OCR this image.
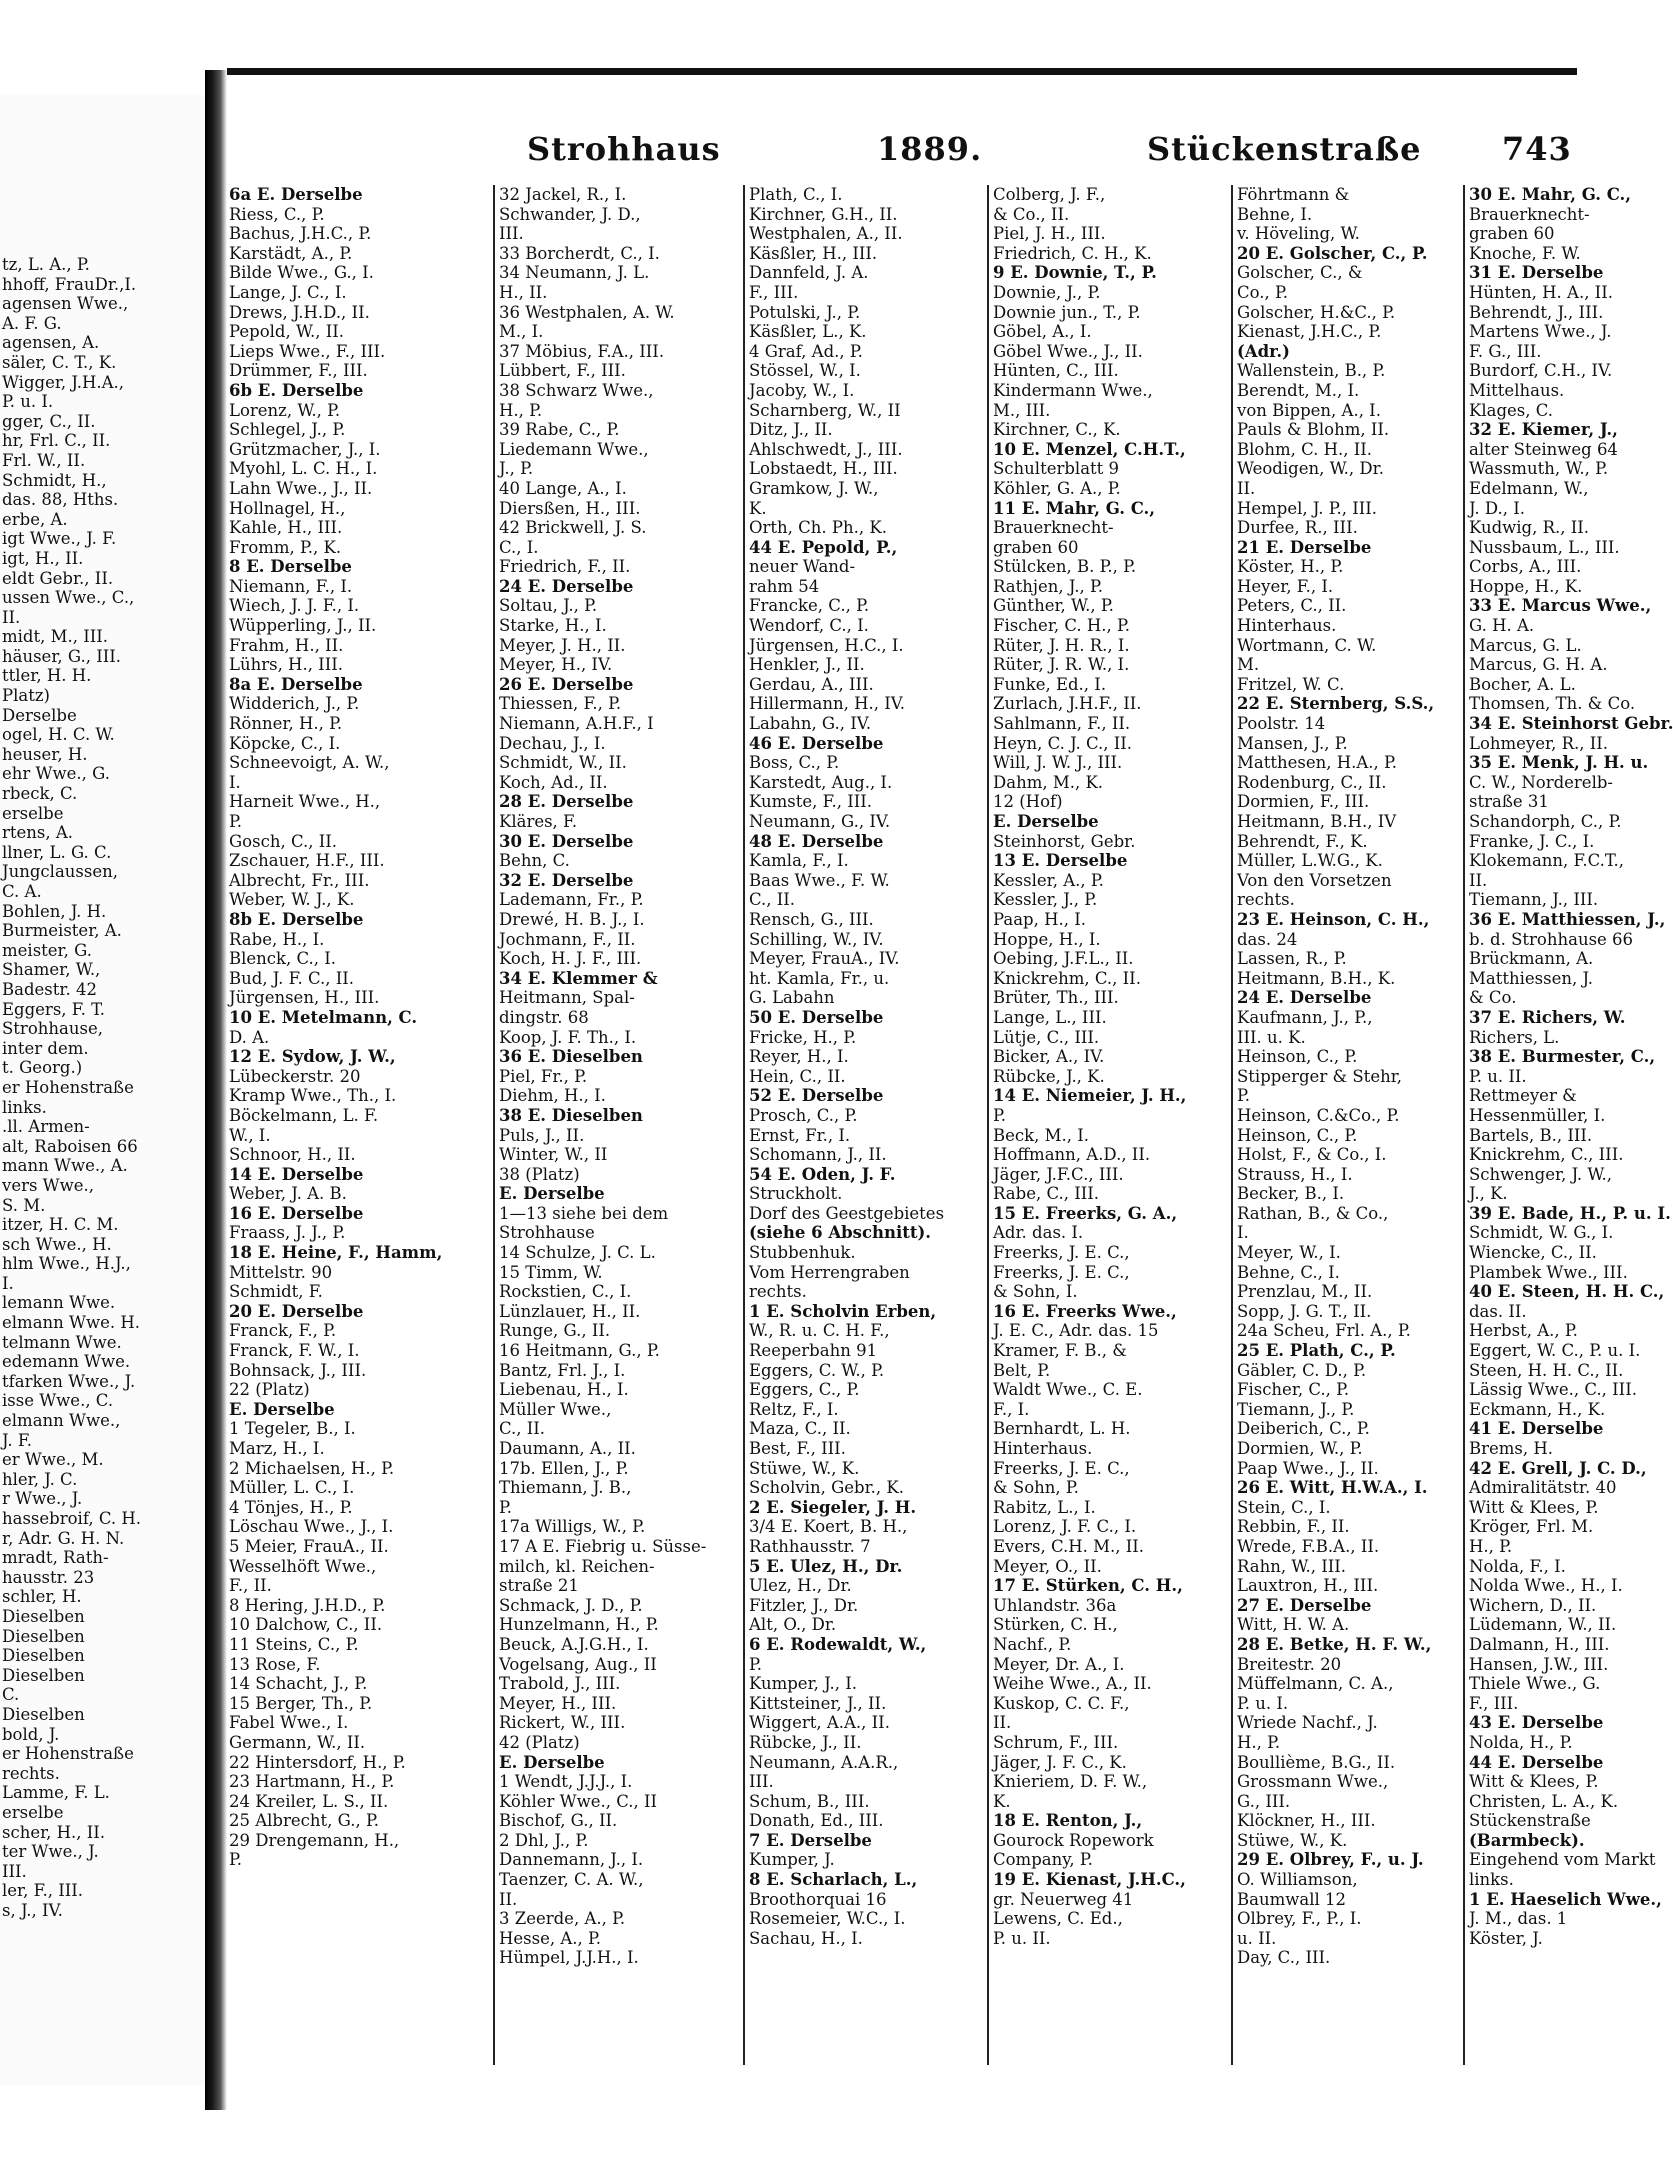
tz, L. A., P.
hhoff, FrauDr.,I.
agensen Wwe.,
A. F. G.
agensen, A.
säler, C. T., K.
Wigger, J.H.A.,
P. u. I.
gger, C., II.
hr, Frl. C., II.
Frl. W., II.
Schmidt, H.,
das. 88, Hths.
erbe, A.
igt Wwe., J. F.
igt, H., II.
eldt Gebr., II.
ussen Wwe., C.,
II.
midt, M., III.
häuser, G., III.
ttler, H. H.
Platz)
Derselbe
ogel, H. C. W.
heuser, H.
ehr Wwe., G.
rbeck, C.
erselbe
rtens, A.
llner, L. G. C.
Jungclaussen,
C. A.
Bohlen, J. H.
Burmeister, A.
meister, G.
Shamer, W.,
Badestr. 42
Eggers, F. T.
Strohhause,
inter dem.
t. Georg.)
er Hohenstraße
links.
.ll. Armen-
alt, Raboisen 66
mann Wwe., A.
vers Wwe.,
S. M.
itzer, H. C. M.
sch Wwe., H.
hlm Wwe., H.J.,
I.
lemann Wwe.
elmann Wwe. H.
telmann Wwe.
edemann Wwe.
tfarken Wwe., J.
isse Wwe., C.
elmann Wwe.,
J. F.
er Wwe., M.
hler, J. C.
r Wwe., J.
hassebroif, C. H.
r, Adr. G. H. N.
mradt, Rath-
hausstr. 23
schler, H.
Dieselben
Dieselben
Dieselben
Dieselben
C.
Dieselben
bold, J.
er Hohenstraße
rechts.
Lamme, F. L.
erselbe
scher, H., II.
ter Wwe., J.
III.
ler, F., III.
s, J., IV.
Strohhaus	1889.	Stückenstraße	743
6a E. Derselbe
Riess, C., P.
Bachus, J.H.C., P.
Karstädt, A., P.
Bilde Wwe., G., I.
Lange, J. C., I.
Drews, J.H.D., II.
Pepold, W., II.
Lieps Wwe., F., III.
Drümmer, F., III.
6b E. Derselbe
Lorenz, W., P.
Schlegel, J., P.
Grützmacher, J., I.
Myohl, L. C. H., I.
Lahn Wwe., J., II.
Hollnagel, H.,
Kahle, H., III.
Fromm, P., K.
8 E. Derselbe
Niemann, F., I.
Wiech, J. J. F., I.
Wüpperling, J., II.
Frahm, H., II.
Lührs, H., III.
8a E. Derselbe
Widderich, J., P.
Rönner, H., P.
Köpcke, C., I.
Schneevoigt, A. W.,
I.
Harneit Wwe., H.,
P.
Gosch, C., II.
Zschauer, H.F., III.
Albrecht, Fr., III.
Weber, W. J., K.
8b E. Derselbe
Rabe, H., I.
Blenck, C., I.
Bud, J. F. C., II.
Jürgensen, H., III.
10 E. Metelmann, C.
D. A.
12 E. Sydow, J. W.,
Lübeckerstr. 20
Kramp Wwe., Th., I.
Böckelmann, L. F.
W., I.
Schnoor, H., II.
14 E. Derselbe
Weber, J. A. B.
16 E. Derselbe
Fraass, J. J., P.
18 E. Heine, F., Hamm,
Mittelstr. 90
Schmidt, F.
20 E. Derselbe
Franck, F., P.
Franck, F. W., I.
Bohnsack, J., III.
22 (Platz)
E. Derselbe
1 Tegeler, B., I.
Marz, H., I.
2 Michaelsen, H., P.
Müller, L. C., I.
4 Tönjes, H., P.
Löschau Wwe., J., I.
5 Meier, FrauA., II.
Wesselhöft Wwe.,
F., II.
8 Hering, J.H.D., P.
10 Dalchow, C., II.
11 Steins, C., P.
13 Rose, F.
14 Schacht, J., P.
15 Berger, Th., P.
Fabel Wwe., I.
Germann, W., II.
22 Hintersdorf, H., P.
23 Hartmann, H., P.
24 Kreiler, L. S., II.
25 Albrecht, G., P.
29 Drengemann, H.,
P.
32 Jackel, R., I.
Schwander, J. D.,
III.
33 Borcherdt, C., I.
34 Neumann, J. L.
H., II.
36 Westphalen, A. W.
M., I.
37 Möbius, F.A., III.
Lübbert, F., III.
38 Schwarz Wwe.,
H., P.
39 Rabe, C., P.
Liedemann Wwe.,
J., P.
40 Lange, A., I.
Diersßen, H., III.
42 Brickwell, J. S.
C., I.
Friedrich, F., II.
24 E. Derselbe
Soltau, J., P.
Starke, H., I.
Meyer, J. H., II.
Meyer, H., IV.
26 E. Derselbe
Thiessen, F., P.
Niemann, A.H.F., I
Dechau, J., I.
Schmidt, W., II.
Koch, Ad., II.
28 E. Derselbe
Kläres, F.
30 E. Derselbe
Behn, C.
32 E. Derselbe
Lademann, Fr., P.
Drewé, H. B. J., I.
Jochmann, F., II.
Koch, H. J. F., III.
34 E. Klemmer &
Heitmann, Spal-
dingstr. 68
Koop, J. F. Th., I.
36 E. Dieselben
Piel, Fr., P.
Diehm, H., I.
38 E. Dieselben
Puls, J., II.
Winter, W., II
38 (Platz)
E. Derselbe
1—13 siehe bei dem
Strohhause
14 Schulze, J. C. L.
15 Timm, W.
Rockstien, C., I.
Lünzlauer, H., II.
Runge, G., II.
16 Heitmann, G., P.
Bantz, Frl. J., I.
Liebenau, H., I.
Müller Wwe.,
C., II.
Daumann, A., II.
17b. Ellen, J., P.
Thiemann, J. B.,
P.
17a Willigs, W., P.
17 A E. Fiebrig u. Süsse-
milch, kl. Reichen-
straße 21
Schmack, J. D., P.
Hunzelmann, H., P.
Beuck, A.J.G.H., I.
Vogelsang, Aug., II
Trabold, J., III.
Meyer, H., III.
Rickert, W., III.
42 (Platz)
E. Derselbe
1 Wendt, J.J.J., I.
Köhler Wwe., C., II
Bischof, G., II.
2 Dhl, J., P.
Dannemann, J., I.
Taenzer, C. A. W.,
II.
3 Zeerde, A., P.
Hesse, A., P.
Hümpel, J.J.H., I.
Plath, C., I.
Kirchner, G.H., II.
Westphalen, A., II.
Käsßler, H., III.
Dannfeld, J. A.
F., III.
Potulski, J., P.
Käsßler, L., K.
4 Graf, Ad., P.
Stössel, W., I.
Jacoby, W., I.
Scharnberg, W., II
Ditz, J., II.
Ahlschwedt, J., III.
Lobstaedt, H., III.
Gramkow, J. W.,
K.
Orth, Ch. Ph., K.
44 E. Pepold, P.,
neuer Wand-
rahm 54
Francke, C., P.
Wendorf, C., I.
Jürgensen, H.C., I.
Henkler, J., II.
Gerdau, A., III.
Hillermann, H., IV.
Labahn, G., IV.
46 E. Derselbe
Boss, C., P.
Karstedt, Aug., I.
Kumste, F., III.
Neumann, G., IV.
48 E. Derselbe
Kamla, F., I.
Baas Wwe., F. W.
C., II.
Rensch, G., III.
Schilling, W., IV.
Meyer, FrauA., IV.
ht. Kamla, Fr., u.
G. Labahn
50 E. Derselbe
Fricke, H., P.
Reyer, H., I.
Hein, C., II.
52 E. Derselbe
Prosch, C., P.
Ernst, Fr., I.
Schomann, J., II.
54 E. Oden, J. F.
Struckholt.
Dorf des Geestgebietes
(siehe 6 Abschnitt).
Stubbenhuk.
Vom Herrengraben
rechts.
1 E. Scholvin Erben,
W., R. u. C. H. F.,
Reeperbahn 91
Eggers, C. W., P.
Eggers, C., P.
Reltz, F., I.
Maza, C., II.
Best, F., III.
Stüwe, W., K.
Scholvin, Gebr., K.
2 E. Siegeler, J. H.
3/4 E. Koert, B. H.,
Rathhausstr. 7
5 E. Ulez, H., Dr.
Ulez, H., Dr.
Fitzler, J., Dr.
Alt, O., Dr.
6 E. Rodewaldt, W.,
P.
Kumper, J., I.
Kittsteiner, J., II.
Wiggert, A.A., II.
Rübcke, J., II.
Neumann, A.A.R.,
III.
Schum, B., III.
Donath, Ed., III.
7 E. Derselbe
Kumper, J.
8 E. Scharlach, L.,
Broothorquai 16
Rosemeier, W.C., I.
Sachau, H., I.
Colberg, J. F.,
& Co., II.
Piel, J. H., III.
Friedrich, C. H., K.
9 E. Downie, T., P.
Downie, J., P.
Downie jun., T., P.
Göbel, A., I.
Göbel Wwe., J., II.
Hünten, C., III.
Kindermann Wwe.,
M., III.
Kirchner, C., K.
10 E. Menzel, C.H.T.,
Schulterblatt 9
Köhler, G. A., P.
11 E. Mahr, G. C.,
Brauerknecht-
graben 60
Stülcken, B. P., P.
Rathjen, J., P.
Günther, W., P.
Fischer, C. H., P.
Rüter, J. H. R., I.
Rüter, J. R. W., I.
Funke, Ed., I.
Zurlach, J.H.F., II.
Sahlmann, F., II.
Heyn, C. J. C., II.
Will, J. W. J., III.
Dahm, M., K.
12 (Hof)
E. Derselbe
Steinhorst, Gebr.
13 E. Derselbe
Kessler, A., P.
Kessler, J., P.
Paap, H., I.
Hoppe, H., I.
Oebing, J.F.L., II.
Knickrehm, C., II.
Brüter, Th., III.
Lange, L., III.
Lütje, C., III.
Bicker, A., IV.
Rübcke, J., K.
14 E. Niemeier, J. H.,
P.
Beck, M., I.
Hoffmann, A.D., II.
Jäger, J.F.C., III.
Rabe, C., III.
15 E. Freerks, G. A.,
Adr. das. I.
Freerks, J. E. C.,
Freerks, J. E. C.,
& Sohn, I.
16 E. Freerks Wwe.,
J. E. C., Adr. das. 15
Kramer, F. B., &
Belt, P.
Waldt Wwe., C. E.
F., I.
Bernhardt, L. H.
Hinterhaus.
Freerks, J. E. C.,
& Sohn, P.
Rabitz, L., I.
Lorenz, J. F. C., I.
Evers, C.H. M., II.
Meyer, O., II.
17 E. Stürken, C. H.,
Uhlandstr. 36a
Stürken, C. H.,
Nachf., P.
Meyer, Dr. A., I.
Weihe Wwe., A., II.
Kuskop, C. C. F.,
II.
Schrum, F., III.
Jäger, J. F. C., K.
Knieriem, D. F. W.,
K.
18 E. Renton, J.,
Gourock Ropework
Company, P.
19 E. Kienast, J.H.C.,
gr. Neuerweg 41
Lewens, C. Ed.,
P. u. II.
Föhrtmann &
Behne, I.
v. Höveling, W.
20 E. Golscher, C., P.
Golscher, C., &
Co., P.
Golscher, H.&C., P.
Kienast, J.H.C., P.
(Adr.)
Wallenstein, B., P.
Berendt, M., I.
von Bippen, A., I.
Pauls & Blohm, II.
Blohm, C. H., II.
Weodigen, W., Dr.
II.
Hempel, J. P., III.
Durfee, R., III.
21 E. Derselbe
Köster, H., P.
Heyer, F., I.
Peters, C., II.
Hinterhaus.
Wortmann, C. W.
M.
Fritzel, W. C.
22 E. Sternberg, S.S.,
Poolstr. 14
Mansen, J., P.
Matthesen, H.A., P.
Rodenburg, C., II.
Dormien, F., III.
Heitmann, B.H., IV
Behrendt, F., K.
Müller, L.W.G., K.
Von den Vorsetzen
rechts.
23 E. Heinson, C. H.,
das. 24
Lassen, R., P.
Heitmann, B.H., K.
24 E. Derselbe
Kaufmann, J., P.,
III. u. K.
Heinson, C., P.
Stipperger & Stehr,
P.
Heinson, C.&Co., P.
Heinson, C., P.
Holst, F., & Co., I.
Strauss, H., I.
Becker, B., I.
Rathan, B., & Co.,
I.
Meyer, W., I.
Behne, C., I.
Prenzlau, M., II.
Sopp, J. G. T., II.
24a Scheu, Frl. A., P.
25 E. Plath, C., P.
Gäbler, C. D., P.
Fischer, C., P.
Tiemann, J., P.
Deiberich, C., P.
Dormien, W., P.
Paap Wwe., J., II.
26 E. Witt, H.W.A., I.
Stein, C., I.
Rebbin, F., II.
Wrede, F.B.A., II.
Rahn, W., III.
Lauxtron, H., III.
27 E. Derselbe
Witt, H. W. A.
28 E. Betke, H. F. W.,
Breitestr. 20
Müffelmann, C. A.,
P. u. I.
Wriede Nachf., J.
H., P.
Boullième, B.G., II.
Grossmann Wwe.,
G., III.
Klöckner, H., III.
Stüwe, W., K.
29 E. Olbrey, F., u. J.
O. Williamson,
Baumwall 12
Olbrey, F., P., I.
u. II.
Day, C., III.
30 E. Mahr, G. C.,
Brauerknecht-
graben 60
Knoche, F. W.
31 E. Derselbe
Hünten, H. A., II.
Behrendt, J., III.
Martens Wwe., J.
F. G., III.
Burdorf, C.H., IV.
Mittelhaus.
Klages, C.
32 E. Kiemer, J.,
alter Steinweg 64
Wassmuth, W., P.
Edelmann, W.,
J. D., I.
Kudwig, R., II.
Nussbaum, L., III.
Corbs, A., III.
Hoppe, H., K.
33 E. Marcus Wwe.,
G. H. A.
Marcus, G. L.
Marcus, G. H. A.
Bocher, A. L.
Thomsen, Th. & Co.
34 E. Steinhorst Gebr.
Lohmeyer, R., II.
35 E. Menk, J. H. u.
C. W., Norderelb-
straße 31
Schandorph, C., P.
Franke, J. C., I.
Klokemann, F.C.T.,
II.
Tiemann, J., III.
36 E. Matthiessen, J.,
b. d. Strohhause 66
Brückmann, A.
Matthiessen, J.
& Co.
37 E. Richers, W.
Richers, L.
38 E. Burmester, C.,
P. u. II.
Rettmeyer &
Hessenmüller, I.
Bartels, B., III.
Knickrehm, C., III.
Schwenger, J. W.,
J., K.
39 E. Bade, H., P. u. I.
Schmidt, W. G., I.
Wiencke, C., II.
Plambek Wwe., III.
40 E. Steen, H. H. C.,
das. II.
Herbst, A., P.
Eggert, W. C., P. u. I.
Steen, H. H. C., II.
Lässig Wwe., C., III.
Eckmann, H., K.
41 E. Derselbe
Brems, H.
42 E. Grell, J. C. D.,
Admiralitätstr. 40
Witt & Klees, P.
Kröger, Frl. M.
H., P.
Nolda, F., I.
Nolda Wwe., H., I.
Wichern, D., II.
Lüdemann, W., II.
Dalmann, H., III.
Hansen, J.W., III.
Thiele Wwe., G.
F., III.
43 E. Derselbe
Nolda, H., P.
44 E. Derselbe
Witt & Klees, P.
Christen, L. A., K.
Stückenstraße
(Barmbeck).
Eingehend vom Markt
links.
1 E. Haeselich Wwe.,
J. M., das. 1
Köster, J.
